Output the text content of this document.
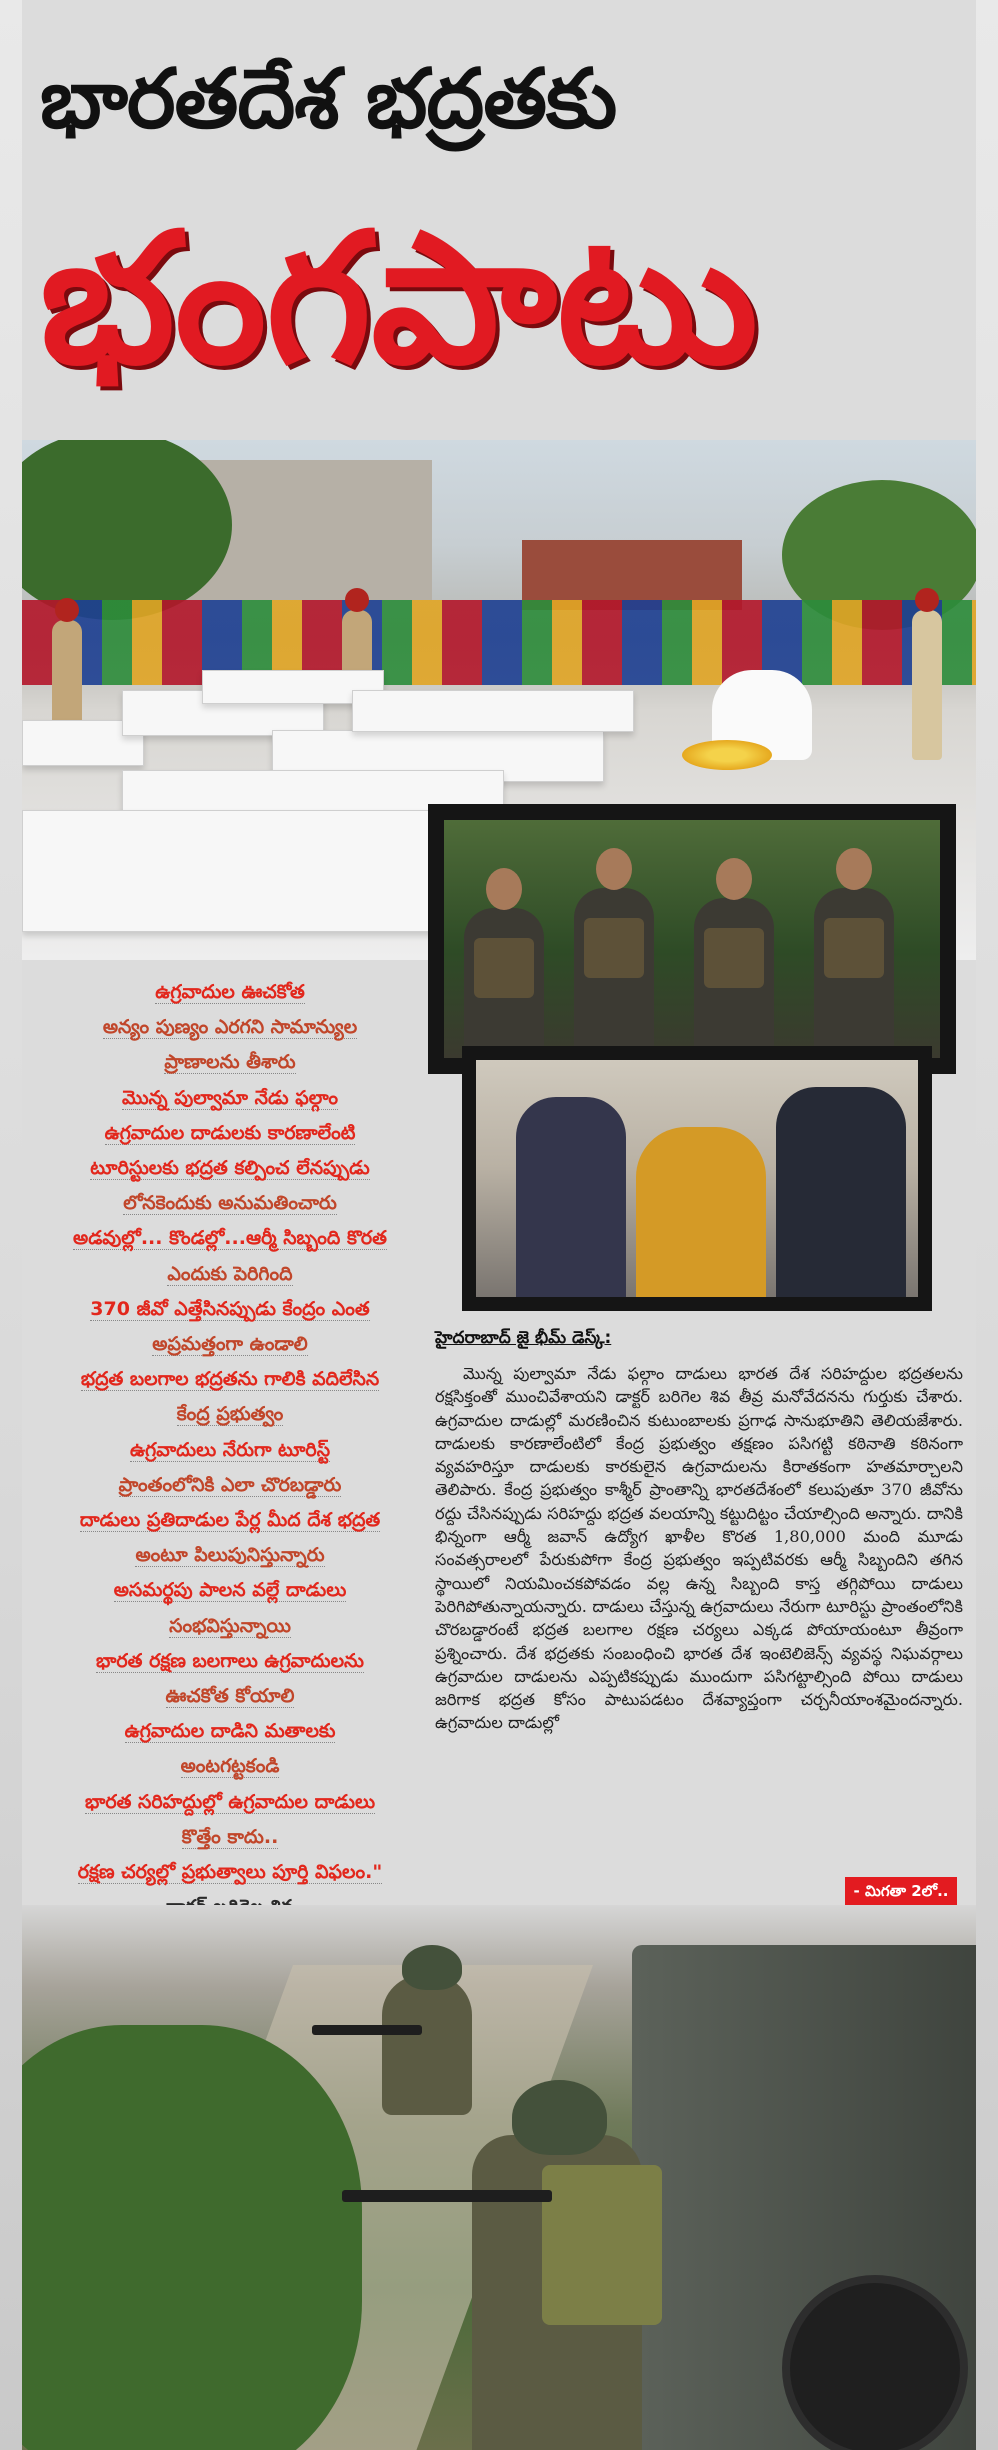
భారతదేశ భద్రతకు
భంగపాటు
ఉగ్రవాదుల ఊచకోత
అన్యం పుణ్యం ఎరగని సామాన్యుల
ప్రాణాలను తీశారు
మొన్న పుల్వామా నేడు ఫల్గాం
ఉగ్రవాదుల దాడులకు కారణాలేంటి
టూరిస్టులకు భద్రత కల్పించ లేనప్పుడు
లోనకెందుకు అనుమతించారు
అడవుల్లో... కొండల్లో...ఆర్మీ సిబ్బంది కొరత
ఎందుకు పెరిగింది
370 జీవో ఎత్తేసినప్పుడు కేంద్రం ఎంత
అప్రమత్తంగా ఉండాలి
భద్రత బలగాల భద్రతను గాలికి వదిలేసిన
కేంద్ర ప్రభుత్వం
ఉగ్రవాదులు నేరుగా టూరిస్ట్
ప్రాంతంలోనికి ఎలా చొరబడ్డారు
దాడులు ప్రతిదాడుల పేర్ల మీద దేశ భద్రత
అంటూ పిలుపునిస్తున్నారు
అసమర్థపు పాలన వల్లే దాడులు
సంభవిస్తున్నాయి
భారత రక్షణ బలగాలు ఉగ్రవాదులను
ఊచకోత కోయాలి
ఉగ్రవాదుల దాడిని మతాలకు
అంటగట్టకండి
భారత సరిహద్దుల్లో ఉగ్రవాదుల దాడులు
కొత్తేం కాదు..
రక్షణ చర్యల్లో ప్రభుత్వాలు పూర్తి విఫలం."
హైదరాబాద్ జై భీమ్ డెస్క్:
మొన్న పుల్వామా నేడు ఫల్గాం దాడులు భారత దేశ సరిహద్దుల భద్రతలను రక్షసిక్తంతో ముంచివేశాయని డాక్టర్ బరిగెల శివ తీవ్ర మనోవేదనను గుర్తుకు చేశారు. ఉగ్రవాదుల దాడుల్లో మరణించిన కుటుంబాలకు ప్రగాఢ సానుభూతిని తెలియజేశారు. దాడులకు కారణాలేంటిలో కేంద్ర ప్రభుత్వం తక్షణం పసిగట్టి కఠినాతి కఠినంగా వ్యవహరిస్తూ దాడులకు కారకులైన ఉగ్రవాదులను కిరాతకంగా హతమార్చాలని తెలిపారు. కేంద్ర ప్రభుత్వం కాశ్మీర్ ప్రాంతాన్ని భారతదేశంలో కలుపుతూ 370 జీవోను రద్దు చేసినప్పుడు సరిహద్దు భద్రత వలయాన్ని కట్టుదిట్టం చేయాల్సింది అన్నారు. దానికి భిన్నంగా ఆర్మీ జవాన్ ఉద్యోగ ఖాళీల కొరత 1,80,000 మంది మూడు సంవత్సరాలలో పేరుకుపోగా కేంద్ర ప్రభుత్వం ఇప్పటివరకు ఆర్మీ సిబ్బందిని తగిన స్థాయిలో నియమించకపోవడం వల్ల ఉన్న సిబ్బంది కాస్త తగ్గిపోయి దాడులు పెరిగిపోతున్నాయన్నారు. దాడులు చేస్తున్న ఉగ్రవాదులు నేరుగా టూరిస్టు ప్రాంతంలోనికి చొరబడ్డారంటే భద్రత బలగాల రక్షణ చర్యలు ఎక్కడ పోయాయంటూ తీవ్రంగా ప్రశ్నించారు. దేశ భద్రతకు సంబంధించి భారత దేశ ఇంటెలిజెన్స్ వ్యవస్థ నిఘవర్గాలు ఉగ్రవాదుల దాడులను ఎప్పటికప్పుడు ముందుగా పసిగట్టాల్సింది పోయి దాడులు జరిగాక భద్రత కోసం పాటుపడటం దేశవ్యాప్తంగా చర్చనీయాంశమైందన్నారు. ఉగ్రవాదుల దాడుల్లో
- మిగతా 2లో..
